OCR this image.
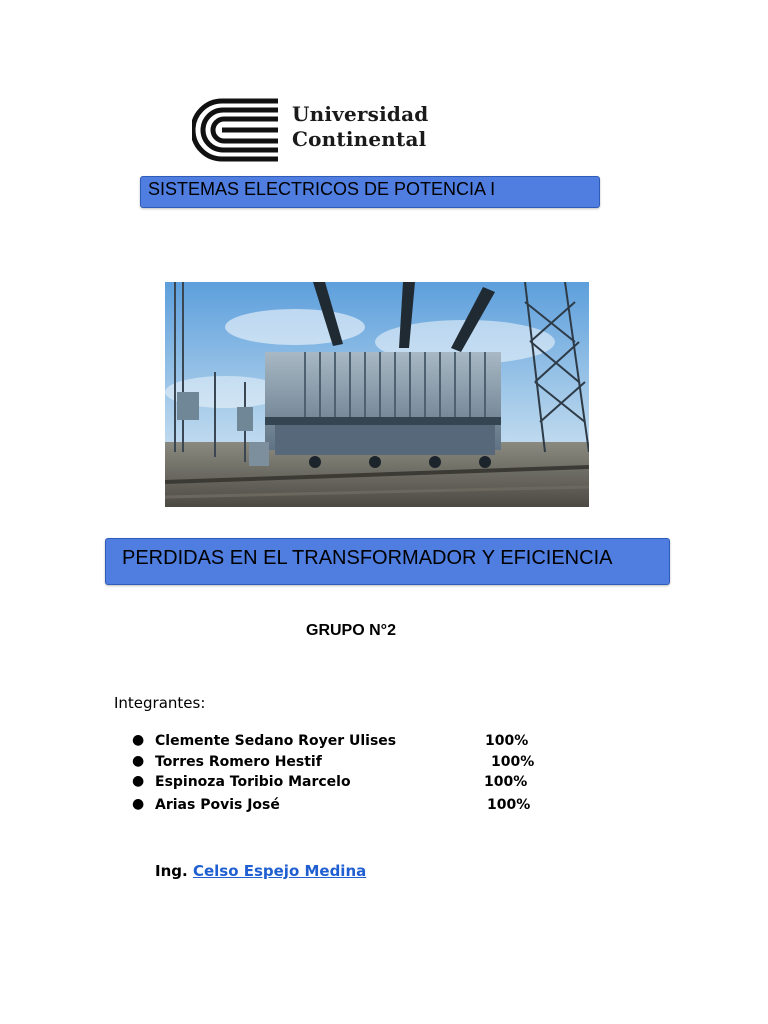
Universidad
Continental
SISTEMAS ELECTRICOS DE POTENCIA I
PERDIDAS EN EL TRANSFORMADOR Y EFICIENCIA
GRUPO N°2
Integrantes:
● Clemente Sedano Royer Ulises	100%
● Torres Romero Hestif	100%
● Espinoza Toribio Marcelo	100%
● Arias Povis José	100%
Ing. Celso Espejo Medina
